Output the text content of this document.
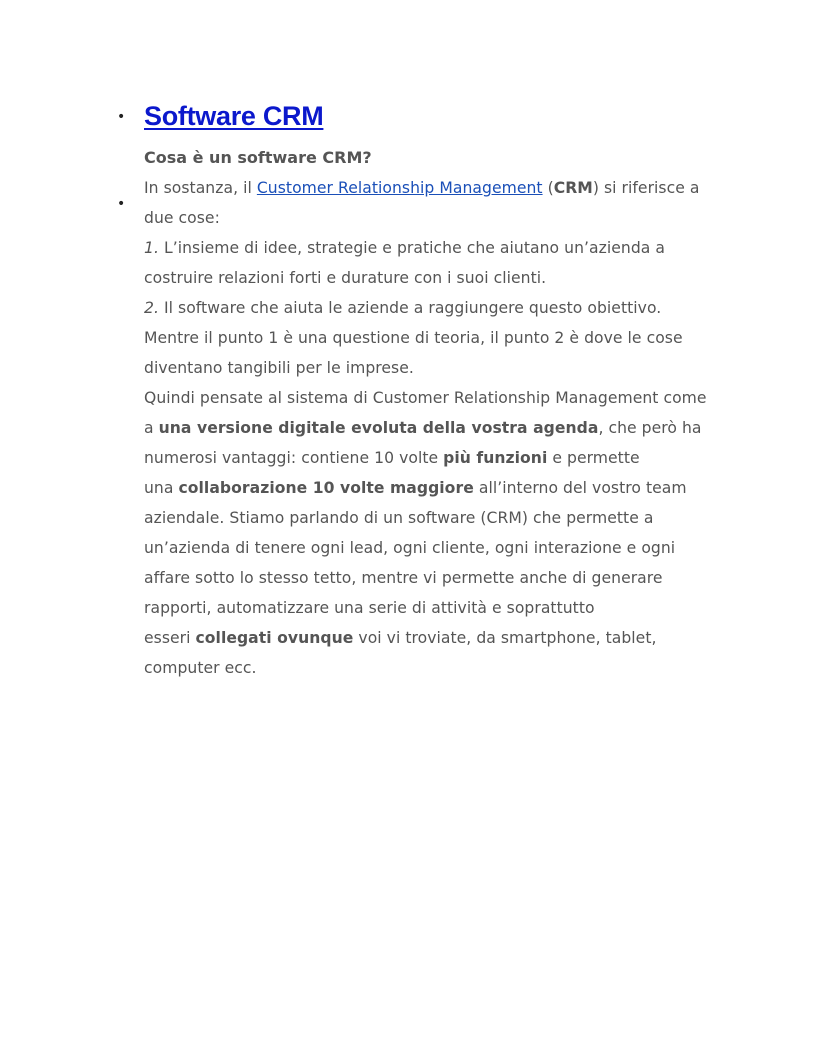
• Software CRM
•
Cosa è un software CRM?
In sostanza, il Customer Relationship Management (CRM) si riferisce a
due cose:
1. L’insieme di idee, strategie e pratiche che aiutano un’azienda a
costruire relazioni forti e durature con i suoi clienti.
2. Il software che aiuta le aziende a raggiungere questo obiettivo.
Mentre il punto 1 è una questione di teoria, il punto 2 è dove le cose
diventano tangibili per le imprese.
Quindi pensate al sistema di Customer Relationship Management come
a una versione digitale evoluta della vostra agenda, che però ha
numerosi vantaggi: contiene 10 volte più funzioni e permette
una collaborazione 10 volte maggiore all’interno del vostro team
aziendale. Stiamo parlando di un software (CRM) che permette a
un’azienda di tenere ogni lead, ogni cliente, ogni interazione e ogni
affare sotto lo stesso tetto, mentre vi permette anche di generare
rapporti, automatizzare una serie di attività e soprattutto
esseri collegati ovunque voi vi troviate, da smartphone, tablet,
computer ecc.
